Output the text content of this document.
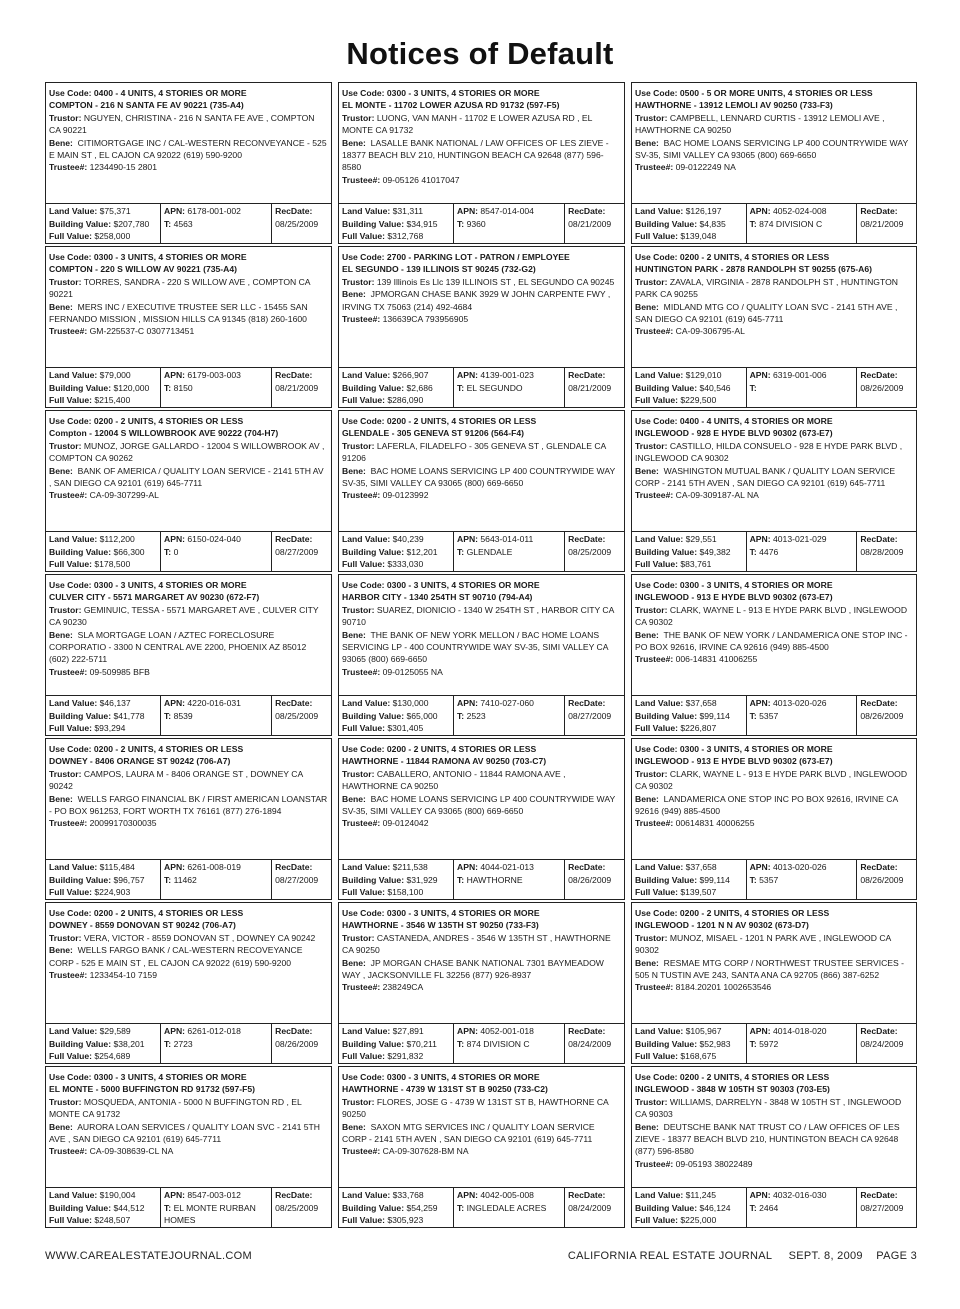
Notices of Default
Use Code: 0400 - 4 UNITS, 4 STORIES OR MORE
COMPTON - 216 N SANTA FE AV 90221 (735-A4)
Trustor: NGUYEN, CHRISTINA - 216 N SANTA FE AVE , COMPTON CA 90221
Bene: CITIMORTGAGE INC / CAL-WESTERN RECONVEYANCE - 525 E MAIN ST , EL CAJON CA 92022 (619) 590-9200
Trustee#: 1234490-15 2801
Land Value: $75,371
Building Value: $207,780
Full Value: $258,000
APN: 6178-001-002
T: 4563
RecDate:
08/25/2009
Use Code: 0300 - 3 UNITS, 4 STORIES OR MORE
COMPTON - 220 S WILLOW AV 90221 (735-A4)
Trustor: TORRES, SANDRA - 220 S WILLOW AVE , COMPTON CA 90221
Bene: MERS INC / EXECUTIVE TRUSTEE SER LLC - 15455 SAN FERNANDO MISSION , MISSION HILLS CA 91345 (818) 260-1600
Trustee#: GM-225537-C 0307713451
Land Value: $79,000
Building Value: $120,000
Full Value: $215,400
APN: 6179-003-003
T: 8150
RecDate:
08/21/2009
Use Code: 0200 - 2 UNITS, 4 STORIES OR LESS
Compton - 12004 S WILLOWBROOK AVE 90222 (704-H7)
Trustor: MUNOZ, JORGE GALLARDO - 12004 S WILLOWBROOK AV , COMPTON CA 90262
Bene: BANK OF AMERICA / QUALITY LOAN SERVICE - 2141 5TH AV , SAN DIEGO CA 92101 (619) 645-7711
Trustee#: CA-09-307299-AL
Land Value: $112,200
Building Value: $66,300
Full Value: $178,500
APN: 6150-024-040
T: 0
RecDate:
08/27/2009
Use Code: 0300 - 3 UNITS, 4 STORIES OR MORE
CULVER CITY - 5571 MARGARET AV 90230 (672-F7)
Trustor: GEMINUIC, TESSA - 5571 MARGARET AVE , CULVER CITY CA 90230
Bene: SLA MORTGAGE LOAN / AZTEC FORECLOSURE CORPORATIO - 3300 N CENTRAL AVE 2200, PHOENIX AZ 85012 (602) 222-5711
Trustee#: 09-509985 BFB
Land Value: $46,137
Building Value: $41,778
Full Value: $93,294
APN: 4220-016-031
T: 8539
RecDate:
08/25/2009
Use Code: 0200 - 2 UNITS, 4 STORIES OR LESS
DOWNEY - 8406 ORANGE ST 90242 (706-A7)
Trustor: CAMPOS, LAURA M - 8406 ORANGE ST , DOWNEY CA 90242
Bene: WELLS FARGO FINANCIAL BK / FIRST AMERICAN LOANSTAR - PO BOX 961253, FORT WORTH TX 76161 (877) 276-1894
Trustee#: 20099170300035
Land Value: $115,484
Building Value: $96,757
Full Value: $224,903
APN: 6261-008-019
T: 11462
RecDate:
08/27/2009
Use Code: 0200 - 2 UNITS, 4 STORIES OR LESS
DOWNEY - 8559 DONOVAN ST 90242 (706-A7)
Trustor: VERA, VICTOR - 8559 DONOVAN ST , DOWNEY CA 90242
Bene: WELLS FARGO BANK / CAL-WESTERN RECOVEYANCE CORP - 525 E MAIN ST , EL CAJON CA 92022 (619) 590-9200
Trustee#: 1233454-10 7159
Land Value: $29,589
Building Value: $38,201
Full Value: $254,689
APN: 6261-012-018
T: 2723
RecDate:
08/26/2009
Use Code: 0300 - 3 UNITS, 4 STORIES OR MORE
EL MONTE - 5000 BUFFINGTON RD 91732 (597-F5)
Trustor: MOSQUEDA, ANTONIA - 5000 N BUFFINGTON RD , EL MONTE CA 91732
Bene: AURORA LOAN SERVICES / QUALITY LOAN SVC - 2141 5TH AVE , SAN DIEGO CA 92101 (619) 645-7711
Trustee#: CA-09-308639-CL NA
Land Value: $190,004
Building Value: $44,512
Full Value: $248,507
APN: 8547-003-012
T: EL MONTE RURBAN HOMES
RecDate:
08/25/2009
Use Code: 0300 - 3 UNITS, 4 STORIES OR MORE
EL MONTE - 11702 LOWER AZUSA RD 91732 (597-F5)
Trustor: LUONG, VAN MANH - 11702 E LOWER AZUSA RD , EL MONTE CA 91732
Bene: LASALLE BANK NATIONAL / LAW OFFICES OF LES ZIEVE - 18377 BEACH BLV 210, HUNTINGON BEACH CA 92648 (877) 596-8580
Trustee#: 09-05126 41017047
Land Value: $31,311
Building Value: $34,915
Full Value: $312,768
APN: 8547-014-004
T: 9360
RecDate:
08/21/2009
Use Code: 2700 - PARKING LOT - PATRON / EMPLOYEE
EL SEGUNDO - 139 ILLINOIS ST 90245 (732-G2)
Trustor: 139 Illinois Es Llc 139 ILLINOIS ST , EL SEGUNDO CA 90245
Bene: JPMORGAN CHASE BANK 3929 W JOHN CARPENTE FWY , IRVING TX 75063 (214) 492-4684
Trustee#: 136639CA 793956905
Land Value: $266,907
Building Value: $2,686
Full Value: $286,090
APN: 4139-001-023
T: EL SEGUNDO
RecDate:
08/21/2009
Use Code: 0200 - 2 UNITS, 4 STORIES OR LESS
GLENDALE - 305 GENEVA ST 91206 (564-F4)
Trustor: LAFERLA, FILADELFO - 305 GENEVA ST , GLENDALE CA 91206
Bene: BAC HOME LOANS SERVICING LP 400 COUNTRYWIDE WAY SV-35, SIMI VALLEY CA 93065 (800) 669-6650
Trustee#: 09-0123992
Land Value: $40,239
Building Value: $12,201
Full Value: $333,030
APN: 5643-014-011
T: GLENDALE
RecDate:
08/25/2009
Use Code: 0300 - 3 UNITS, 4 STORIES OR MORE
HARBOR CITY - 1340 254TH ST 90710 (794-A4)
Trustor: SUAREZ, DIONICIO - 1340 W 254TH ST , HARBOR CITY CA 90710
Bene: THE BANK OF NEW YORK MELLON / BAC HOME LOANS SERVICING LP - 400 COUNTRYWIDE WAY SV-35, SIMI VALLEY CA 93065 (800) 669-6650
Trustee#: 09-0125055 NA
Land Value: $130,000
Building Value: $65,000
Full Value: $301,405
APN: 7410-027-060
T: 2523
RecDate:
08/27/2009
Use Code: 0200 - 2 UNITS, 4 STORIES OR LESS
HAWTHORNE - 11844 RAMONA AV 90250 (703-C7)
Trustor: CABALLERO, ANTONIO - 11844 RAMONA AVE , HAWTHORNE CA 90250
Bene: BAC HOME LOANS SERVICING LP 400 COUNTRYWIDE WAY SV-35, SIMI VALLEY CA 93065 (800) 669-6650
Trustee#: 09-0124042
Land Value: $211,538
Building Value: $31,929
Full Value: $158,100
APN: 4044-021-013
T: HAWTHORNE
RecDate:
08/26/2009
Use Code: 0300 - 3 UNITS, 4 STORIES OR MORE
HAWTHORNE - 3546 W 135TH ST 90250 (733-F3)
Trustor: CASTANEDA, ANDRES - 3546 W 135TH ST , HAWTHORNE CA 90250
Bene: JP MORGAN CHASE BANK NATIONAL 7301 BAYMEADOW WAY , JACKSONVILLE FL 32256 (877) 926-8937
Trustee#: 238249CA
Land Value: $27,891
Building Value: $70,211
Full Value: $291,832
APN: 4052-001-018
T: 874 DIVISION C
RecDate:
08/24/2009
Use Code: 0300 - 3 UNITS, 4 STORIES OR MORE
HAWTHORNE - 4739 W 131ST ST B 90250 (733-C2)
Trustor: FLORES, JOSE G - 4739 W 131ST ST B, HAWTHORNE CA 90250
Bene: SAXON MTG SERVICES INC / QUALITY LOAN SERVICE CORP - 2141 5TH AVEN , SAN DIEGO CA 92101 (619) 645-7711
Trustee#: CA-09-307628-BM NA
Land Value: $33,768
Building Value: $54,259
Full Value: $305,923
APN: 4042-005-008
T: INGLEDALE ACRES
RecDate:
08/24/2009
Use Code: 0500 - 5 OR MORE UNITS, 4 STORIES OR LESS
HAWTHORNE - 13912 LEMOLI AV 90250 (733-F3)
Trustor: CAMPBELL, LENNARD CURTIS - 13912 LEMOLI AVE , HAWTHORNE CA 90250
Bene: BAC HOME LOANS SERVICING LP 400 COUNTRYWIDE WAY SV-35, SIMI VALLEY CA 93065 (800) 669-6650
Trustee#: 09-0122249 NA
Land Value: $126,197
Building Value: $4,835
Full Value: $139,048
APN: 4052-024-008
T: 874 DIVISION C
RecDate:
08/21/2009
Use Code: 0200 - 2 UNITS, 4 STORIES OR LESS
HUNTINGTON PARK - 2878 RANDOLPH ST 90255 (675-A6)
Trustor: ZAVALA, VIRGINIA - 2878 RANDOLPH ST , HUNTINGTON PARK CA 90255
Bene: MIDLAND MTG CO / QUALITY LOAN SVC - 2141 5TH AVE , SAN DIEGO CA 92101 (619) 645-7711
Trustee#: CA-09-306795-AL
Land Value: $129,010
Building Value: $40,546
Full Value: $229,500
APN: 6319-001-006
T:
RecDate:
08/26/2009
Use Code: 0400 - 4 UNITS, 4 STORIES OR MORE
INGLEWOOD - 928 E HYDE BLVD 90302 (673-E7)
Trustor: CASTILLO, HILDA CONSUELO - 928 E HYDE PARK BLVD , INGLEWOOD CA 90302
Bene: WASHINGTON MUTUAL BANK / QUALITY LOAN SERVICE CORP - 2141 5TH AVEN , SAN DIEGO CA 92101 (619) 645-7711
Trustee#: CA-09-309187-AL NA
Land Value: $29,551
Building Value: $49,382
Full Value: $83,761
APN: 4013-021-029
T: 4476
RecDate:
08/28/2009
Use Code: 0300 - 3 UNITS, 4 STORIES OR MORE
INGLEWOOD - 913 E HYDE BLVD 90302 (673-E7)
Trustor: CLARK, WAYNE L - 913 E HYDE PARK BLVD , INGLEWOOD CA 90302
Bene: THE BANK OF NEW YORK / LANDAMERICA ONE STOP INC - PO BOX 92616, IRVINE CA 92616 (949) 885-4500
Trustee#: 006-14831 41006255
Land Value: $37,658
Building Value: $99,114
Full Value: $226,807
APN: 4013-020-026
T: 5357
RecDate:
08/26/2009
Use Code: 0300 - 3 UNITS, 4 STORIES OR MORE
INGLEWOOD - 913 E HYDE BLVD 90302 (673-E7)
Trustor: CLARK, WAYNE L - 913 E HYDE PARK BLVD , INGLEWOOD CA 90302
Bene: LANDAMERICA ONE STOP INC PO BOX 92616, IRVINE CA 92616 (949) 885-4500
Trustee#: 00614831 40006255
Land Value: $37,658
Building Value: $99,114
Full Value: $139,507
APN: 4013-020-026
T: 5357
RecDate:
08/26/2009
Use Code: 0200 - 2 UNITS, 4 STORIES OR LESS
INGLEWOOD - 1201 N N AV 90302 (673-D7)
Trustor: MUNOZ, MISAEL - 1201 N PARK AVE , INGLEWOOD CA 90302
Bene: RESMAE MTG CORP / NORTHWEST TRUSTEE SERVICES - 505 N TUSTIN AVE 243, SANTA ANA CA 92705 (866) 387-6252
Trustee#: 8184.20201 1002653546
Land Value: $105,967
Building Value: $52,983
Full Value: $168,675
APN: 4014-018-020
T: 5972
RecDate:
08/24/2009
Use Code: 0200 - 2 UNITS, 4 STORIES OR LESS
INGLEWOOD - 3848 W 105TH ST 90303 (703-E5)
Trustor: WILLIAMS, DARRELYN - 3848 W 105TH ST , INGLEWOOD CA 90303
Bene: DEUTSCHE BANK NAT TRUST CO / LAW OFFICES OF LES ZIEVE - 18377 BEACH BLVD 210, HUNTINGTON BEACH CA 92648 (877) 596-8580
Trustee#: 09-05193 38022489
Land Value: $11,245
Building Value: $46,124
Full Value: $225,000
APN: 4032-016-030
T: 2464
RecDate:
08/27/2009
WWW.CAREALESTATEJOURNAL.COM	CALIFORNIA REAL ESTATE JOURNAL     SEPT. 8, 2009    PAGE 3
